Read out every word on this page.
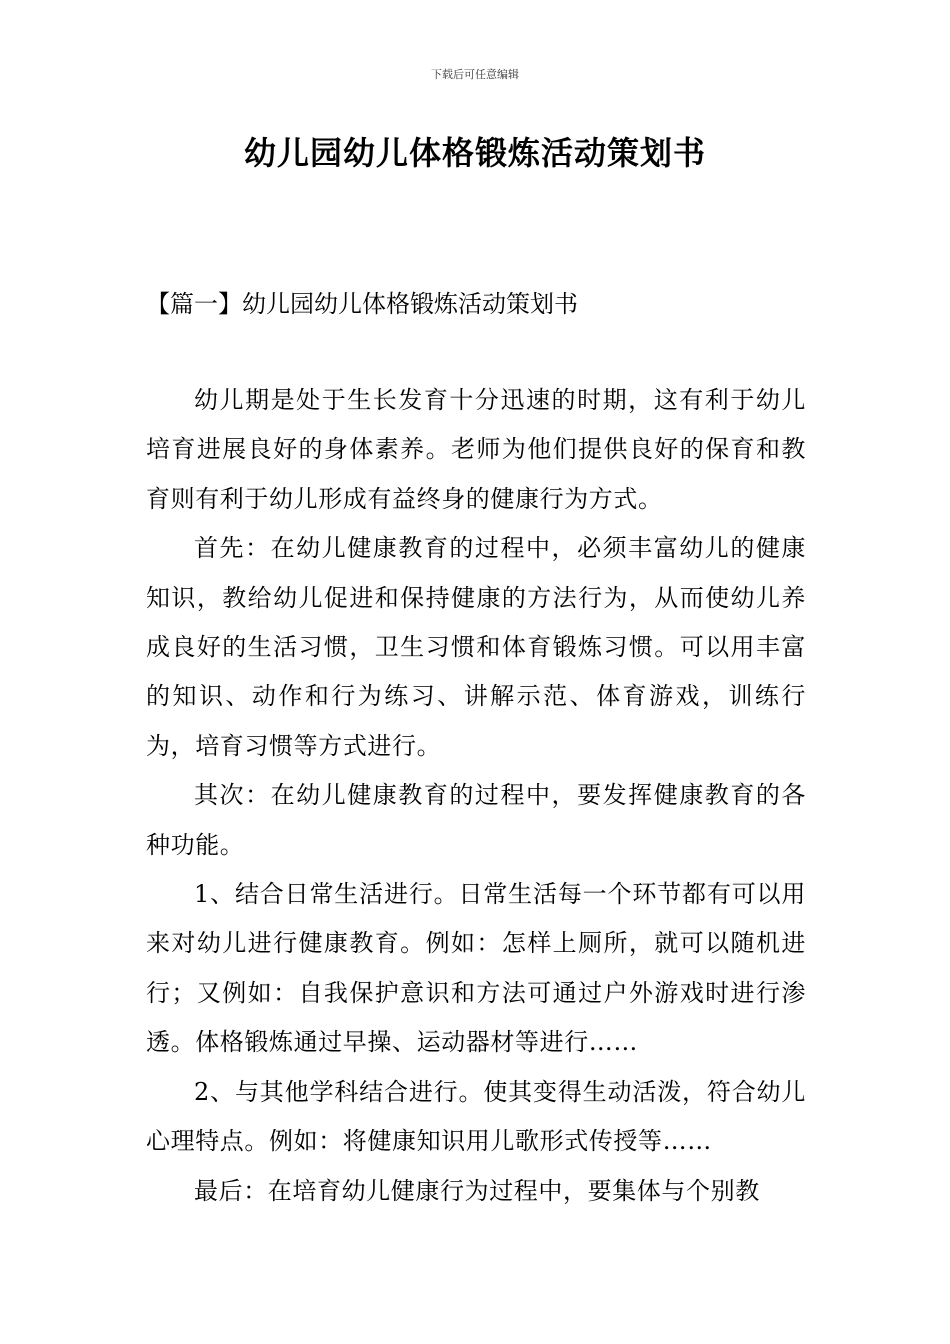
下载后可任意编辑
幼儿园幼儿体格锻炼活动策划书
【篇一】幼儿园幼儿体格锻炼活动策划书

幼儿期是处于生长发育十分迅速的时期，这有利于幼儿培育进展良好的身体素养。老师为他们提供良好的保育和教育则有利于幼儿形成有益终身的健康行为方式。

首先：在幼儿健康教育的过程中，必须丰富幼儿的健康知识，教给幼儿促进和保持健康的方法行为，从而使幼儿养成良好的生活习惯，卫生习惯和体育锻炼习惯。可以用丰富的知识、动作和行为练习、讲解示范、体育游戏，训练行为，培育习惯等方式进行。

其次：在幼儿健康教育的过程中，要发挥健康教育的各种功能。

1、结合日常生活进行。日常生活每一个环节都有可以用来对幼儿进行健康教育。例如：怎样上厕所，就可以随机进行；又例如：自我保护意识和方法可通过户外游戏时进行渗透。体格锻炼通过早操、运动器材等进行……

2、与其他学科结合进行。使其变得生动活泼，符合幼儿心理特点。例如：将健康知识用儿歌形式传授等……

最后：在培育幼儿健康行为过程中，要集体与个别教
